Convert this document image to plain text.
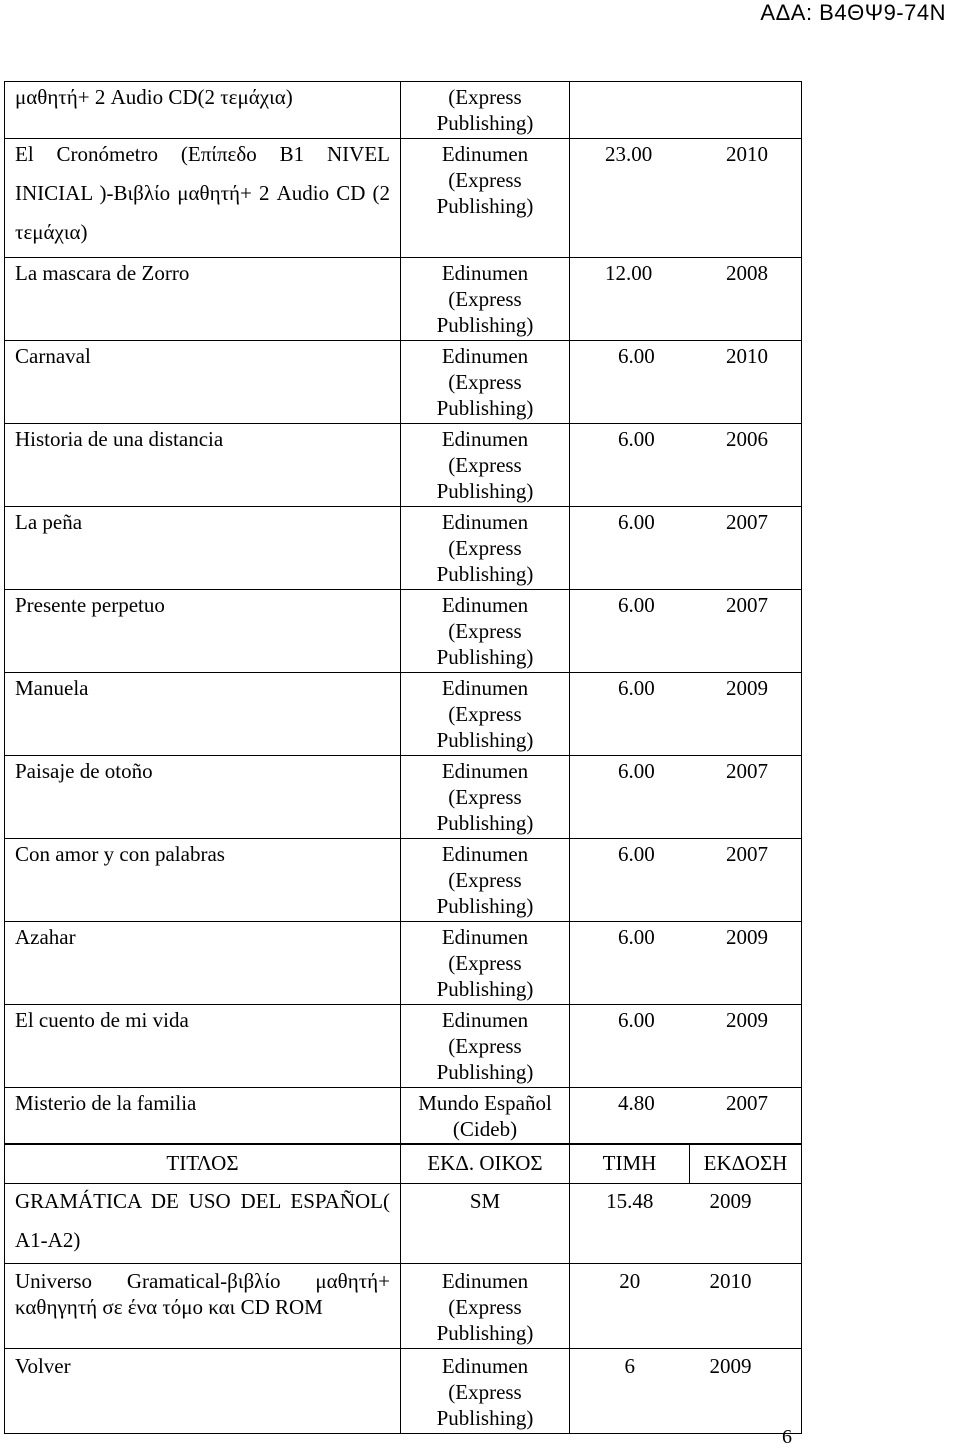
ΑΔΑ: Β4ΘΨ9-74Ν
μαθητή+ 2 Audio CD(2 τεμάχια)	(Express Publishing)	

El Cronómetro (Επίπεδο B1 NIVEL INICIAL )-Βιβλίο μαθητή+ 2 Audio CD (2 τεμάχια)	Edinumen (Express Publishing)	23.00 2010

La mascara de Zorro	Edinumen (Express Publishing)	12.00 2008

Carnaval	Edinumen (Express Publishing)	6.00 2010

Historia de una distancia	Edinumen (Express Publishing)	6.00 2006

La peña	Edinumen (Express Publishing)	6.00 2007

Presente perpetuo	Edinumen (Express Publishing)	6.00 2007

Manuela	Edinumen (Express Publishing)	6.00 2009

Paisaje de otoño	Edinumen (Express Publishing)	6.00 2007

Con amor y con palabras	Edinumen (Express Publishing)	6.00 2007

Azahar	Edinumen (Express Publishing)	6.00 2009

El cuento de mi vida	Edinumen (Express Publishing)	6.00 2009

Misterio de la familia	Mundo Español (Cideb)	4.80 2007
ΤΙΤΛΟΣ	ΕΚΔ. ΟΙΚΟΣ	ΤΙΜΗ	ΕΚΔΟΣΗ

GRAMÁTICA DE USO DEL ESPAÑOL( A1-A2)	SM	15.48	2009
Universo Gramatical-βιβλίο μαθητή+ καθηγητή σε ένα τόμο και CD ROM	Edinumen (Express Publishing)	20	2010
Volver	Edinumen (Express Publishing)	6	2009
6
